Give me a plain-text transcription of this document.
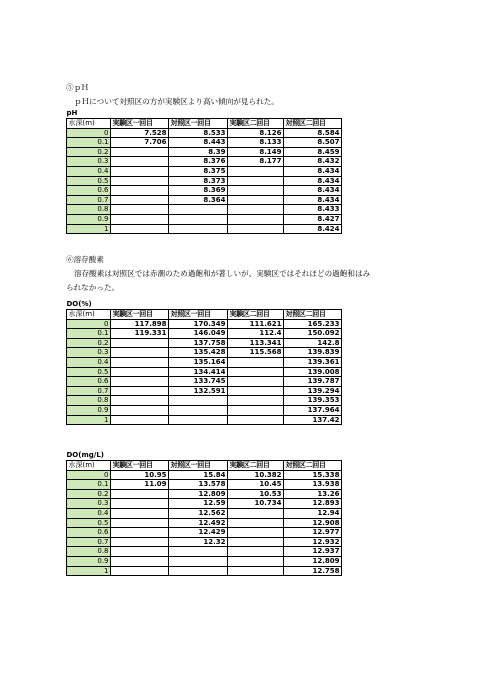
⑤ｐＨ
ｐＨについて対照区の方が実験区より高い傾向が見られた。
pH				
水深(m)	実験区一回目	対照区一回目	実験区二回目	対照区二回目
0	7.528	8.533	8.126	8.584
0.1	7.706	8.443	8.133	8.507
0.2		8.39	8.149	8.459
0.3		8.376	8.177	8.432
0.4		8.375		8.434
0.5		8.373		8.434
0.6		8.369		8.434
0.7		8.364		8.434
0.8				8.433
0.9				8.427
1				8.424
⑥溶存酸素
溶存酸素は対照区では赤潮のため過飽和が著しいが、実験区ではそれほどの過飽和はみ
られなかった。
DO(%)				
水深(m)	実験区一回目	対照区一回目	実験区二回目	対照区二回目
0	117.898	170.349	111.621	165.233
0.1	119.331	146.049	112.4	150.092
0.2		137.758	113.341	142.8
0.3		135.428	115.568	139.839
0.4		135.164		139.361
0.5		134.414		139.008
0.6		133.745		139.787
0.7		132.591		139.294
0.8				139.353
0.9				137.964
1				137.42
DO(mg/L)				
水深(m)	実験区一回目	対照区一回目	実験区二回目	対照区二回目
0	10.95	15.84	10.382	15.338
0.1	11.09	13.578	10.45	13.938
0.2		12.809	10.53	13.26
0.3		12.59	10.734	12.893
0.4		12.562		12.94
0.5		12.492		12.908
0.6		12.429		12.977
0.7		12.32		12.932
0.8				12.937
0.9				12.809
1				12.758
